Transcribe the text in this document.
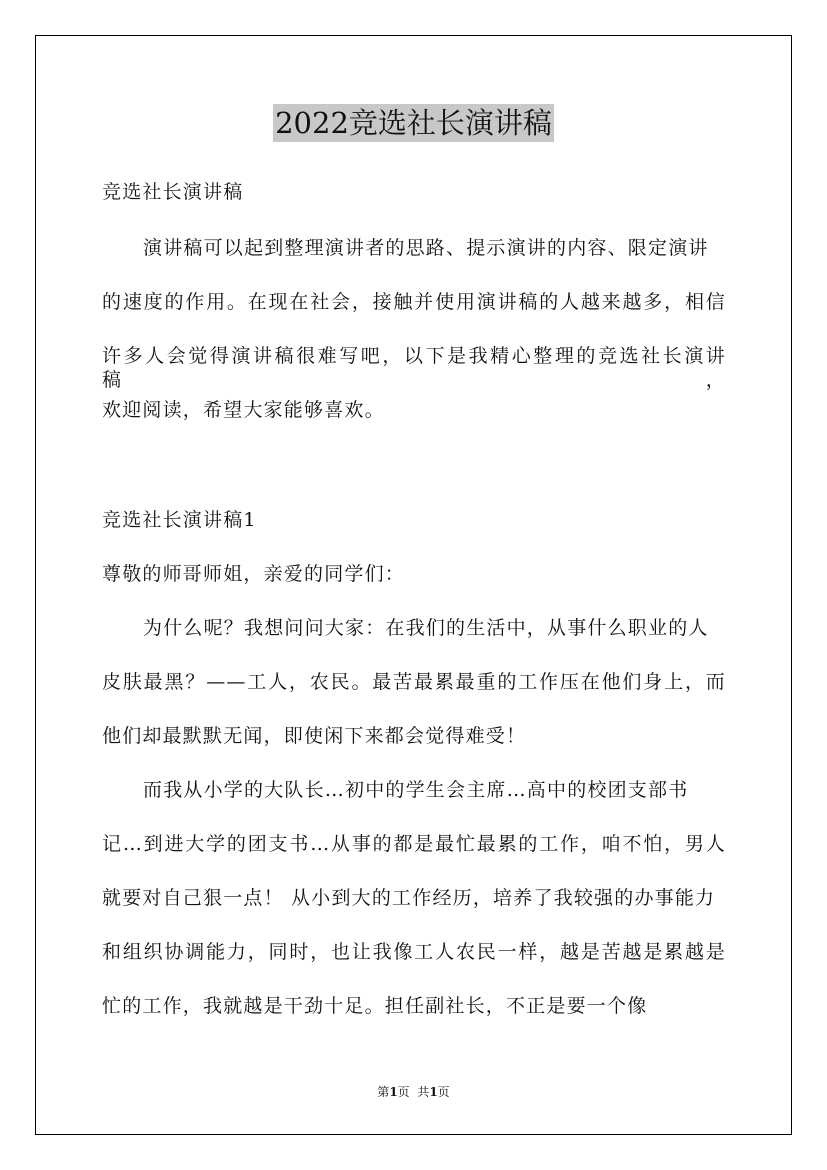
2022竞选社长演讲稿
竞选社长演讲稿
演讲稿可以起到整理演讲者的思路、提示演讲的内容、限定演讲
的速度的作用。在现在社会，接触并使用演讲稿的人越来越多，相信
许多人会觉得演讲稿很难写吧，以下是我精心整理的竞选社长演讲稿，
欢迎阅读，希望大家能够喜欢。
竞选社长演讲稿1
尊敬的师哥师姐，亲爱的同学们：
为什么呢？我想问问大家：在我们的生活中，从事什么职业的人
皮肤最黑？——工人，农民。最苦最累最重的工作压在他们身上，而
他们却最默默无闻，即使闲下来都会觉得难受！
而我从小学的大队长…初中的学生会主席…高中的校团支部书
记…到进大学的团支书…从事的都是最忙最累的工作，咱不怕，男人
就要对自己狠一点！ 从小到大的工作经历，培养了我较强的办事能力
和组织协调能力，同时，也让我像工人农民一样，越是苦越是累越是
忙的工作，我就越是干劲十足。担任副社长，不正是要一个像
第1页  共1页
